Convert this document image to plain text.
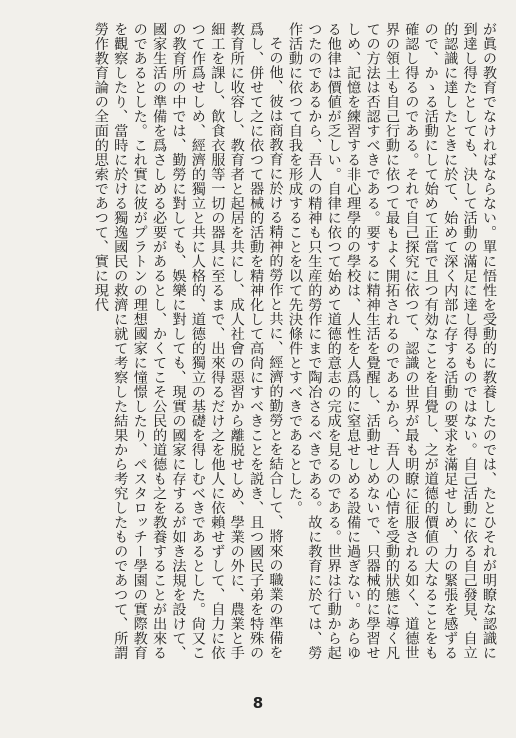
が眞の教育でなければならない。單に悟性を受動的に教養したのでは、たとひそれが明瞭な認識に到達し得たとしても、決して活動の滿足に達し得るものではない。自己活動に依る自己發見、自立的認識に達したときに於て、始めて深く内部に存する活動の要求を滿足せしめ、力の緊張を感ずるので、かゝる活動にして始めて正當で且つ有効なことを自覺し、之が道德的價値の大なることをも確認し得るのである。それで自己探究に依つて、認識の世界が最も明瞭に征服される如く、道德世界の領土も自己行動に依つて最もよく開拓されるのであるから、吾人の心情を受動的狀態に導く凡ての方法は否認すべきである。要するに精神生活を覺醒し、活動せしめないで、只器械的に學習せしめ、記憶を練習する非心理學的の學校は、人性を人爲的に窒息せしめる設備に過ぎない。あらゆる他律は價値が乏しい。自律に依つて始めて道德的意志の完成を見るのである。世界は行動から起つたのであるから、吾人の精神も只生産的勞作にまで陶冶さるべきである。故に教育に於ては、勞作活動に依つて自我を形成することを以て先決條件とすべきであるとした。

その他、彼は商教育に於ける精神的勞作と共に、經濟的勤勞とを結合して、將來の職業の準備を爲し、併せて之に依つて器械的活動を精神化して高尙にすべきことを説き、且つ國民子弟を特殊の教育所に收容し、教育者と起居を共にし、成人社會の惡習から離脱せしめ、學業の外に、農業と手細工を課し、飮食衣服等一切の器具に至るまで、出來得るだけ之を他人に依賴せずして、自力に依つて作爲せしめ、經濟的獨立と共に人格的、道德的獨立の基礎を得しむべきであるとした。尙又この教育所の中では、勤勞に對しても、娛樂に對しても、現實の國家に存するが如き法規を設けて、國家生活の準備を爲さしめる必要があるとし、かくてこそ公民的道德も之を教養することが出來るのであるとした。これ實に彼がプラトンの理想國家に憧憬したり、ペスタロッチー學園の實際教育を觀察したり、當時に於ける獨逸國民の救濟に就て考察した結果から考究したものであつて、所謂勞作教育論の全面的思索であつて、實に現代

8
